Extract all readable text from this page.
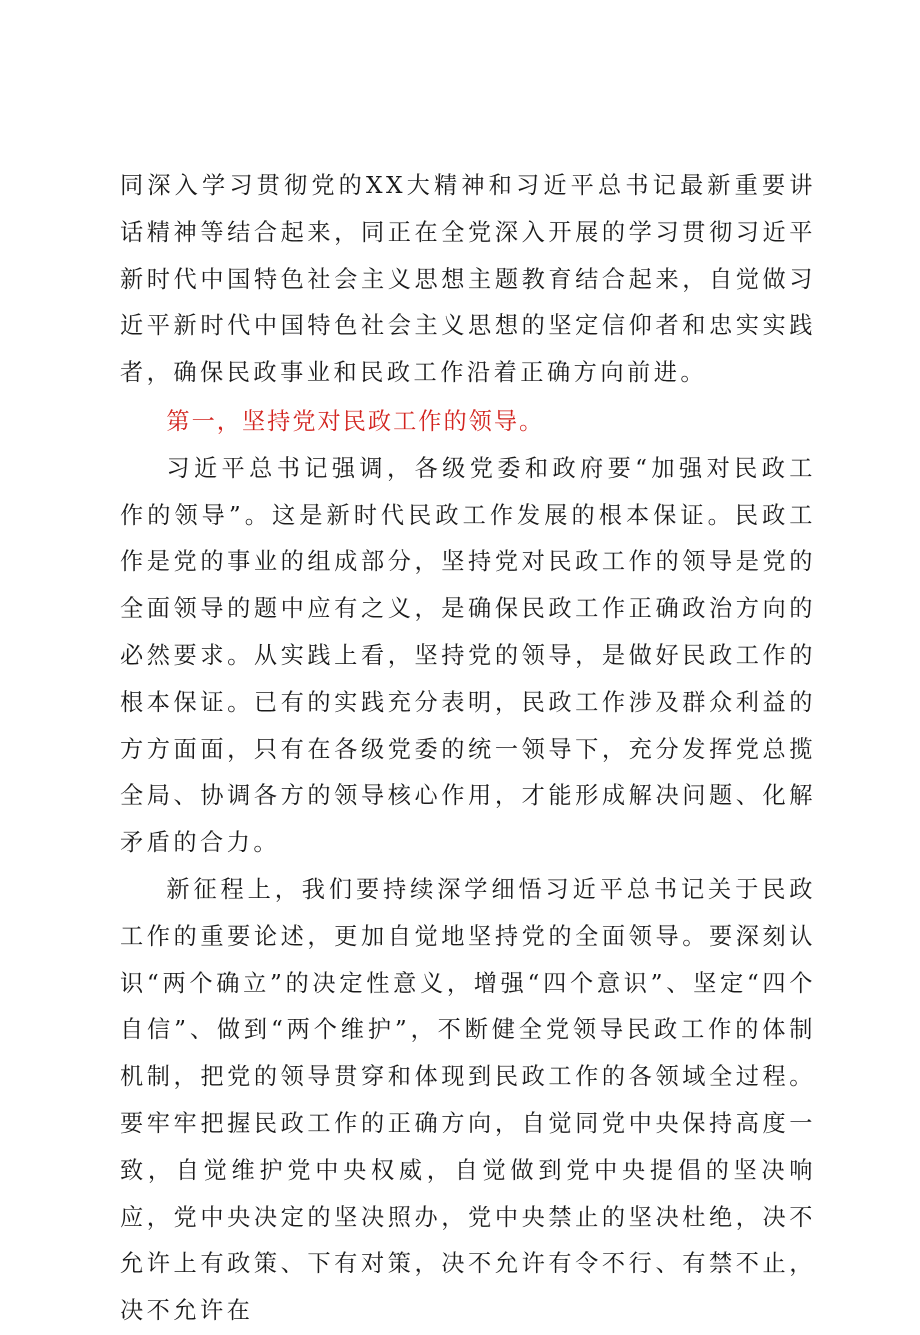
同深入学习贯彻党的XX大精神和习近平总书记最新重要讲话精神等结合起来，同正在全党深入开展的学习贯彻习近平新时代中国特色社会主义思想主题教育结合起来，自觉做习近平新时代中国特色社会主义思想的坚定信仰者和忠实实践者，确保民政事业和民政工作沿着正确方向前进。

第一，坚持党对民政工作的领导。

习近平总书记强调，各级党委和政府要“加强对民政工作的领导”。这是新时代民政工作发展的根本保证。民政工作是党的事业的组成部分，坚持党对民政工作的领导是党的全面领导的题中应有之义，是确保民政工作正确政治方向的必然要求。从实践上看，坚持党的领导，是做好民政工作的根本保证。已有的实践充分表明，民政工作涉及群众利益的方方面面，只有在各级党委的统一领导下，充分发挥党总揽全局、协调各方的领导核心作用，才能形成解决问题、化解矛盾的合力。

新征程上，我们要持续深学细悟习近平总书记关于民政工作的重要论述，更加自觉地坚持党的全面领导。要深刻认识“两个确立”的决定性意义，增强“四个意识”、坚定“四个自信”、做到“两个维护”，不断健全党领导民政工作的体制机制，把党的领导贯穿和体现到民政工作的各领域全过程。要牢牢把握民政工作的正确方向，自觉同党中央保持高度一致，自觉维护党中央权威，自觉做到党中央提倡的坚决响应，党中央决定的坚决照办，党中央禁止的坚决杜绝，决不允许上有政策、下有对策，决不允许有令不行、有禁不止，决不允许在
